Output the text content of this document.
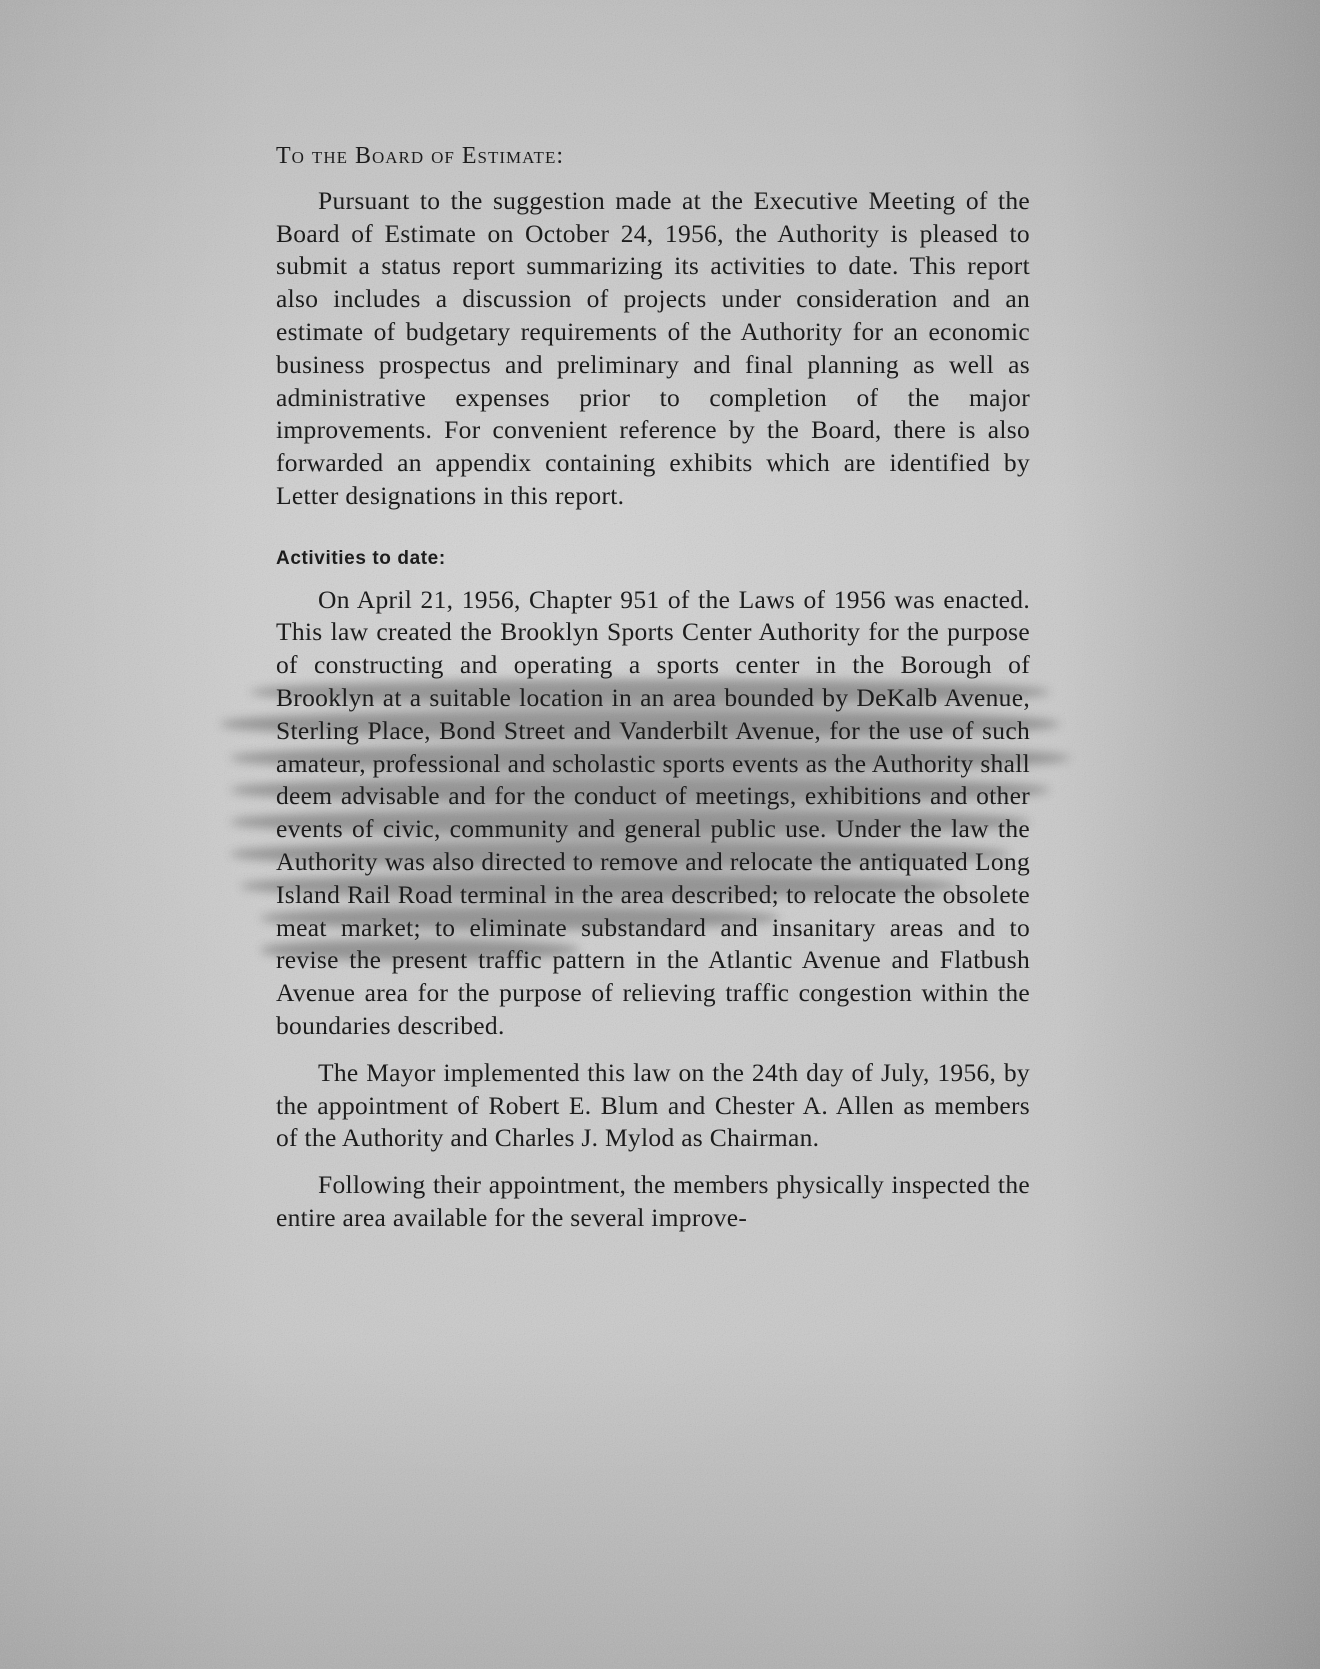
To the Board of Estimate:

Pursuant to the suggestion made at the Executive Meeting of the Board of Estimate on October 24, 1956, the Authority is pleased to submit a status report summarizing its activities to date. This report also includes a discussion of projects under consideration and an estimate of budgetary requirements of the Authority for an economic business prospectus and preliminary and final planning as well as administrative expenses prior to completion of the major improvements. For convenient reference by the Board, there is also forwarded an appendix containing exhibits which are identified by Letter designations in this report.

Activities to date:

On April 21, 1956, Chapter 951 of the Laws of 1956 was enacted. This law created the Brooklyn Sports Center Authority for the purpose of constructing and operating a sports center in the Borough of Brooklyn at a suitable location in an area bounded by DeKalb Avenue, Sterling Place, Bond Street and Vanderbilt Avenue, for the use of such amateur, professional and scholastic sports events as the Authority shall deem advisable and for the conduct of meetings, exhibitions and other events of civic, community and general public use. Under the law the Authority was also directed to remove and relocate the antiquated Long Island Rail Road terminal in the area described; to relocate the obsolete meat market; to eliminate substandard and insanitary areas and to revise the present traffic pattern in the Atlantic Avenue and Flatbush Avenue area for the purpose of relieving traffic congestion within the boundaries described.

The Mayor implemented this law on the 24th day of July, 1956, by the appointment of Robert E. Blum and Chester A. Allen as members of the Authority and Charles J. Mylod as Chairman.

Following their appointment, the members physically inspected the entire area available for the several improve-
